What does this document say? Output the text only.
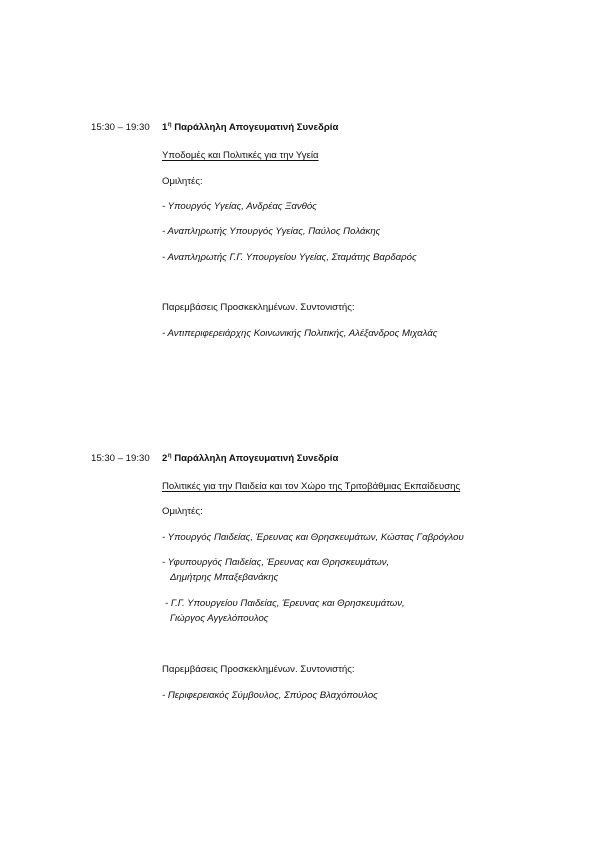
15:30 – 19:30 $1^\eta$ Παράλληλη Απογευματινή Συνεδρία
Υποδομές και Πολιτικές για την Υγεία
Ομιλητές:
- Υπουργός Υγείας, Ανδρέας Ξανθός
- Αναπληρωτής Υπουργός Υγείας, Παύλος Πολάκης
- Αναπληρωτής Γ.Γ. Υπουργείου Υγείας, Σταμάτης Βαρδαρός
Παρεμβάσεις Προσκεκλημένων. Συντονιστής:
- Αντιπεριφερειάρχης Κοινωνικής Πολιτικής, Αλέξανδρος Μιχαλάς
15:30 – 19:30 $2^\eta$ Παράλληλη Απογευματινή Συνεδρία
Πολιτικές για την Παιδεία και τον Χώρο της Τριτοβάθμιας Εκπαίδευσης
Ομιλητές:
- Υπουργός Παιδείας, Έρευνας και Θρησκευμάτων, Κώστας Γαβρόγλου
- Υφυπουργός Παιδείας, Έρευνας και Θρησκευμάτων,
Δημήτρης Μπαξεβανάκης
- Γ.Γ. Υπουργείου Παιδείας, Έρευνας και Θρησκευμάτων,
Γιώργος Αγγελόπουλος
Παρεμβάσεις Προσκεκλημένων. Συντονιστής:
- Περιφερειακός Σύμβουλος, Σπύρος Βλαχόπουλος
